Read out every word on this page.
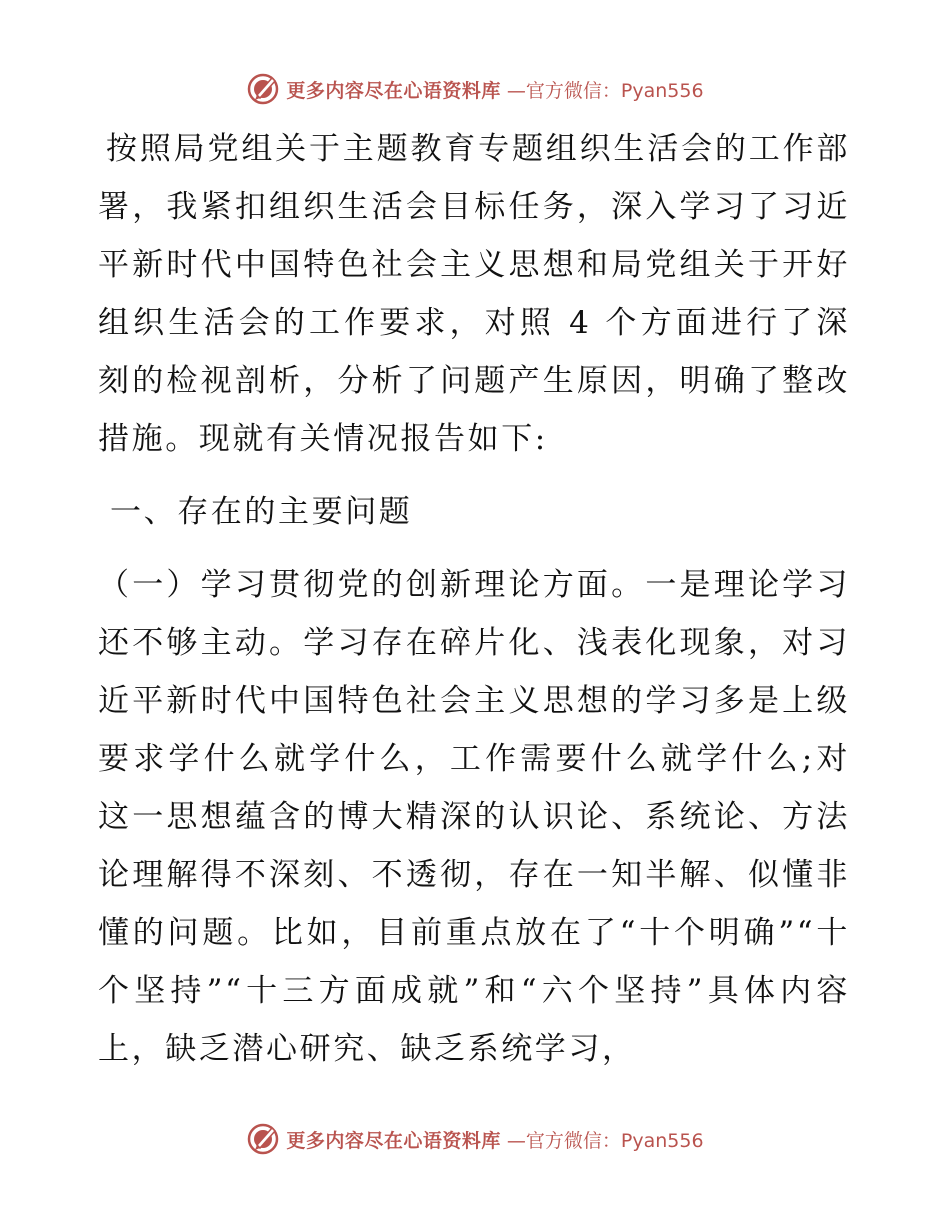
更多内容尽在心语资料库 —官方微信：Pyan556

按照局党组关于主题教育专题组织生活会的工作部署，我紧扣组织生活会目标任务，深入学习了习近平新时代中国特色社会主义思想和局党组关于开好组织生活会的工作要求，对照 4 个方面进行了深刻的检视剖析，分析了问题产生原因，明确了整改措施。现就有关情况报告如下:

一、存在的主要问题

（一）学习贯彻党的创新理论方面。一是理论学习还不够主动。学习存在碎片化、浅表化现象，对习近平新时代中国特色社会主义思想的学习多是上级要求学什么就学什么，工作需要什么就学什么;对这一思想蕴含的博大精深的认识论、系统论、方法论理解得不深刻、不透彻，存在一知半解、似懂非懂的问题。比如，目前重点放在了“十个明确”“十个坚持”“十三方面成就”和“六个坚持”具体内容上，缺乏潜心研究、缺乏系统学习，

更多内容尽在心语资料库 —官方微信：Pyan556
